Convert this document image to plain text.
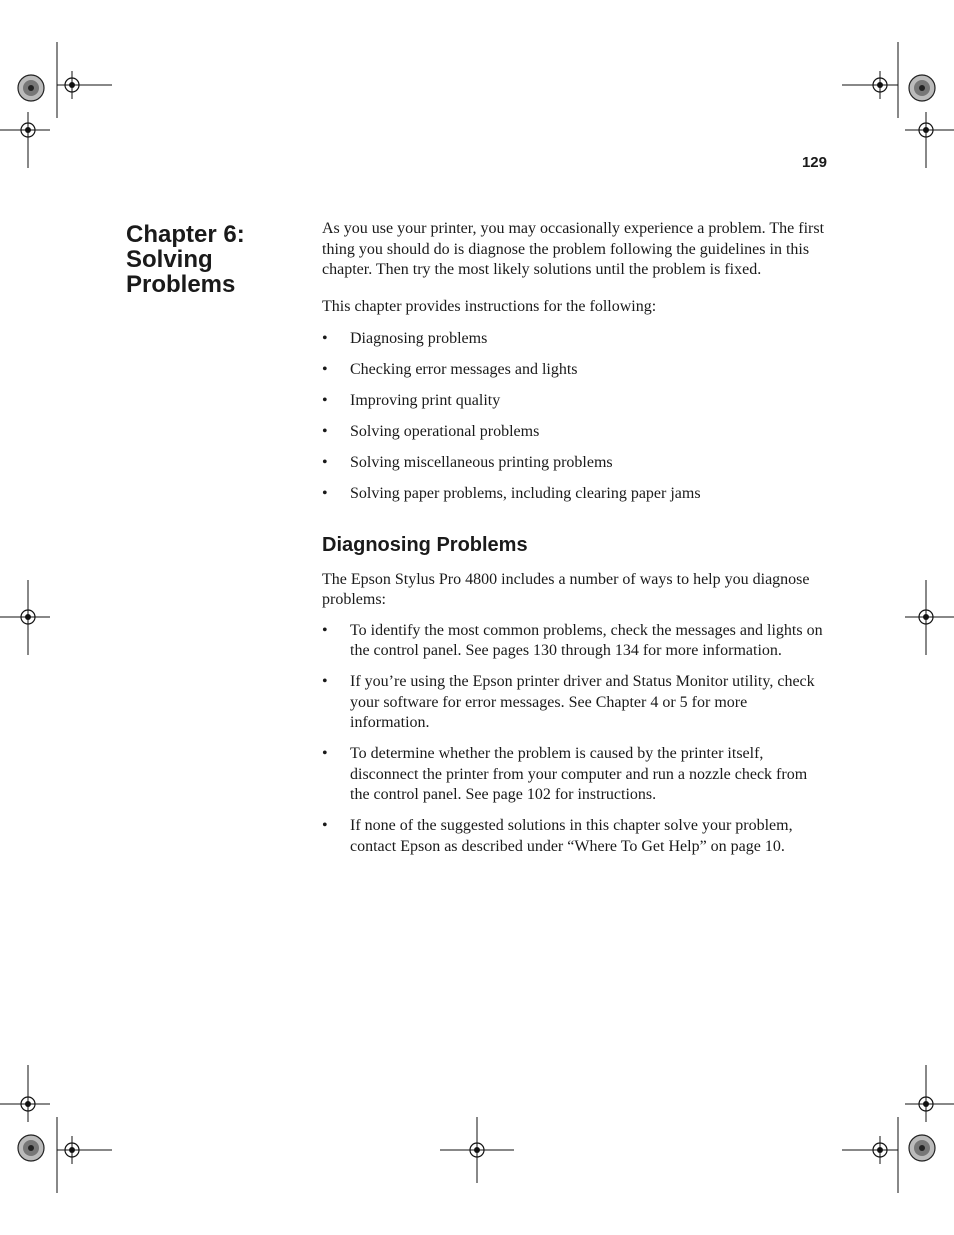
129
Chapter 6:
Solving
Problems

As you use your printer, you may occasionally experience a problem. The first thing you should do is diagnose the problem following the guidelines in this chapter. Then try the most likely solutions until the problem is fixed.

This chapter provides instructions for the following:

• Diagnosing problems
• Checking error messages and lights
• Improving print quality
• Solving operational problems
• Solving miscellaneous printing problems
• Solving paper problems, including clearing paper jams
Diagnosing Problems

The Epson Stylus Pro 4800 includes a number of ways to help you diagnose problems:

• To identify the most common problems, check the messages and lights on the control panel. See pages 130 through 134 for more information.
• If you’re using the Epson printer driver and Status Monitor utility, check your software for error messages. See Chapter 4 or 5 for more information.
• To determine whether the problem is caused by the printer itself, disconnect the printer from your computer and run a nozzle check from the control panel. See page 102 for instructions.
• If none of the suggested solutions in this chapter solve your problem, contact Epson as described under “Where To Get Help” on page 10.
